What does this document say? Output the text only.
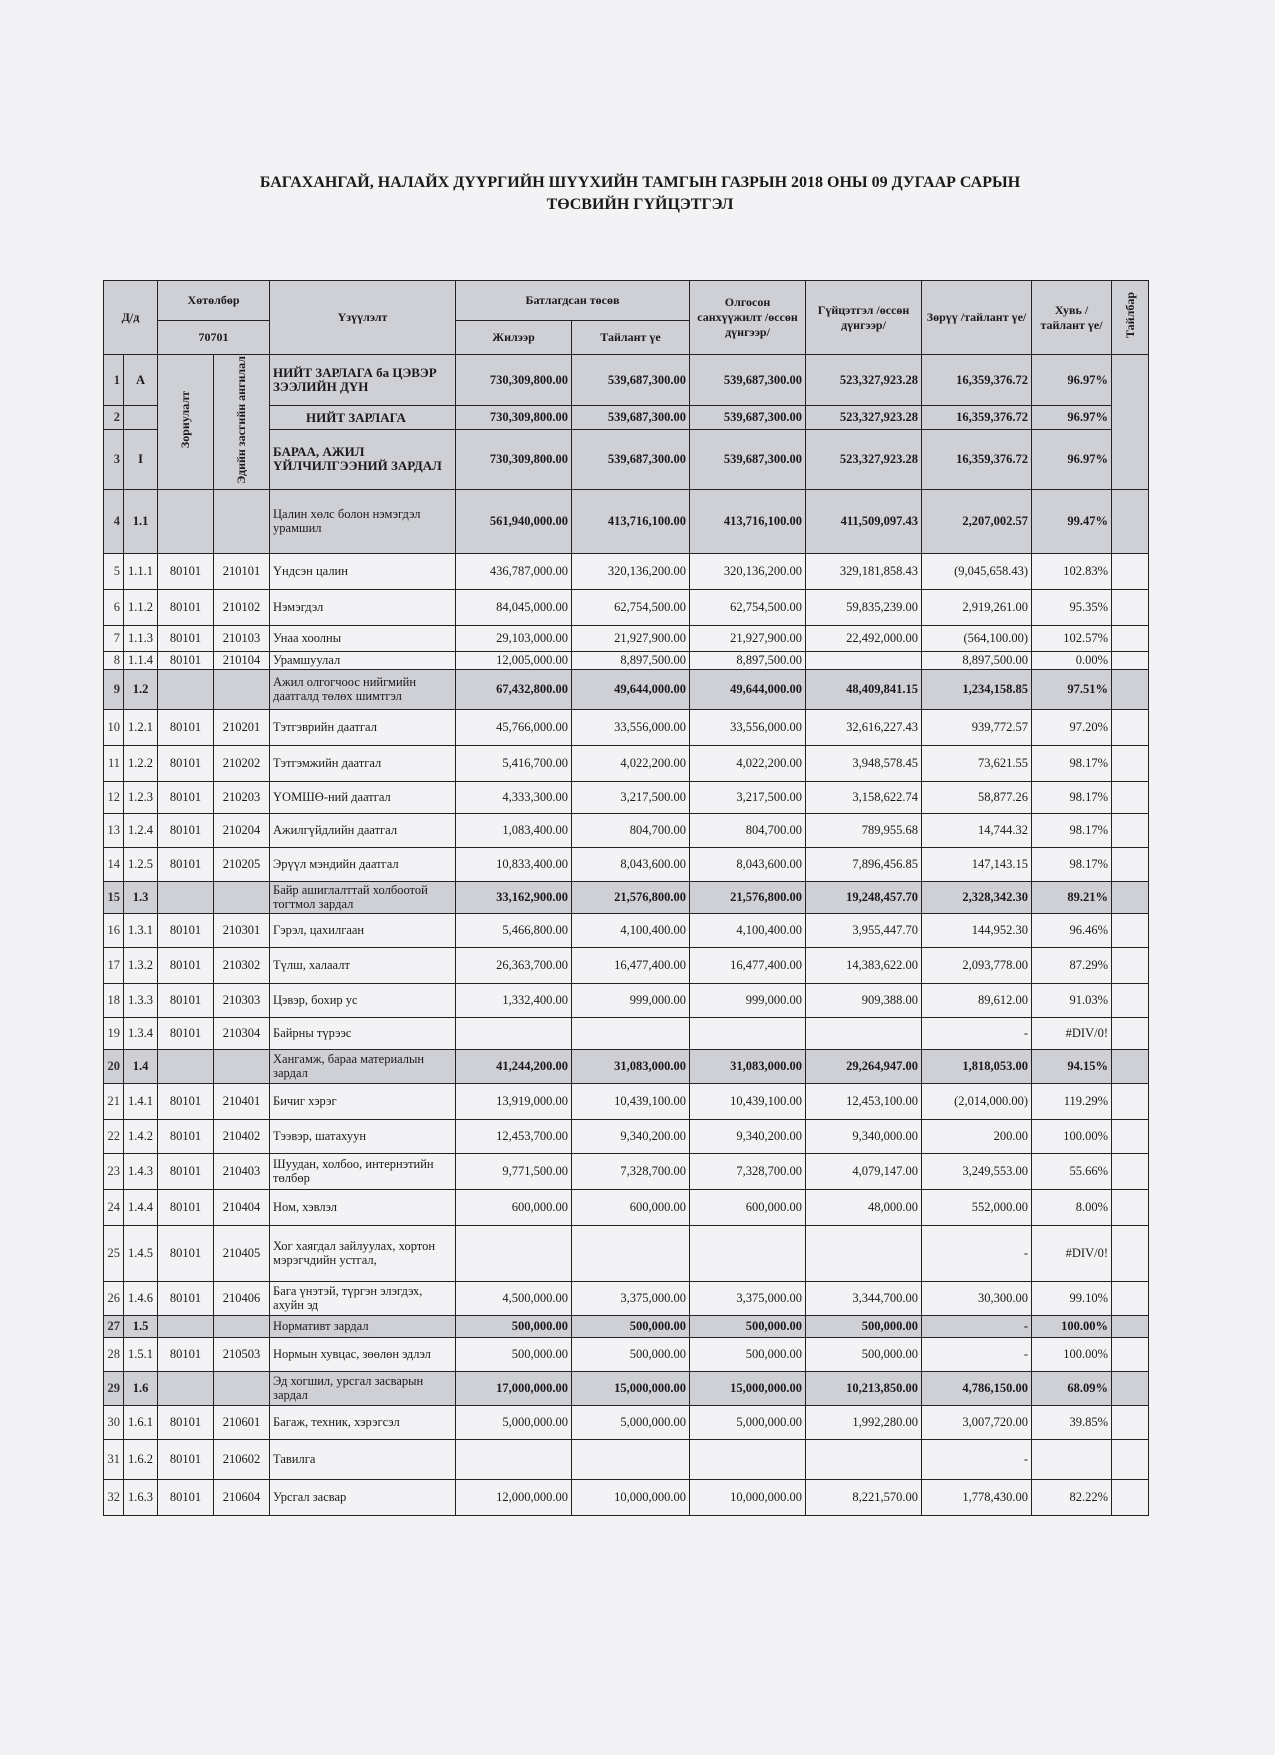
БАГАХАНГАЙ, НАЛАЙХ ДҮҮРГИЙН ШҮҮХИЙН ТАМГЫН ГАЗРЫН 2018 ОНЫ 09 ДУГААР САРЫН
ТӨСВИЙН ГҮЙЦЭТГЭЛ
Д/д		Хөтөлбөр		Үзүүлэлт	Батлагдсан төсөв		Олгосон санхүүжилт /өссөн дүнгээр/	Гүйцэтгэл /өссөн дүнгээр/	Зөрүү /тайлант үе/	Хувь /тайлант үе/	Тайлбар
		70701			Жилээр	Тайлант үе					
1	А	Зориулалт	Эдийн засгийн ангилал	НИЙТ ЗАРЛАГА ба ЦЭВЭР ЗЭЭЛИЙН ДҮН	730,309,800.00	539,687,300.00	539,687,300.00	523,327,923.28	16,359,376.72	96.97%	
2				НИЙТ ЗАРЛАГА	730,309,800.00	539,687,300.00	539,687,300.00	523,327,923.28	16,359,376.72	96.97%	
3	I			БАРАА, АЖИЛ ҮЙЛЧИЛГЭЭНИЙ ЗАРДАЛ	730,309,800.00	539,687,300.00	539,687,300.00	523,327,923.28	16,359,376.72	96.97%	
4	1.1			Цалин хөлс болон нэмэгдэл урамшил	561,940,000.00	413,716,100.00	413,716,100.00	411,509,097.43	2,207,002.57	99.47%	
5	1.1.1	80101	210101	Үндсэн цалин	436,787,000.00	320,136,200.00	320,136,200.00	329,181,858.43	(9,045,658.43)	102.83%	
6	1.1.2	80101	210102	Нэмэгдэл	84,045,000.00	62,754,500.00	62,754,500.00	59,835,239.00	2,919,261.00	95.35%	
7	1.1.3	80101	210103	Унаа хоолны	29,103,000.00	21,927,900.00	21,927,900.00	22,492,000.00	(564,100.00)	102.57%	
8	1.1.4	80101	210104	Урамшуулал	12,005,000.00	8,897,500.00	8,897,500.00		8,897,500.00	0.00%	
9	1.2			Ажил олгогчоос нийгмийн даатгалд төлөх шимтгэл	67,432,800.00	49,644,000.00	49,644,000.00	48,409,841.15	1,234,158.85	97.51%	
10	1.2.1	80101	210201	Тэтгэврийн даатгал	45,766,000.00	33,556,000.00	33,556,000.00	32,616,227.43	939,772.57	97.20%	
11	1.2.2	80101	210202	Тэтгэмжийн даатгал	5,416,700.00	4,022,200.00	4,022,200.00	3,948,578.45	73,621.55	98.17%	
12	1.2.3	80101	210203	ҮОМШӨ-ний даатгал	4,333,300.00	3,217,500.00	3,217,500.00	3,158,622.74	58,877.26	98.17%	
13	1.2.4	80101	210204	Ажилгүйдлийн даатгал	1,083,400.00	804,700.00	804,700.00	789,955.68	14,744.32	98.17%	
14	1.2.5	80101	210205	Эрүүл мэндийн даатгал	10,833,400.00	8,043,600.00	8,043,600.00	7,896,456.85	147,143.15	98.17%	
15	1.3			Байр ашиглалттай холбоотой тогтмол зардал	33,162,900.00	21,576,800.00	21,576,800.00	19,248,457.70	2,328,342.30	89.21%	
16	1.3.1	80101	210301	Гэрэл, цахилгаан	5,466,800.00	4,100,400.00	4,100,400.00	3,955,447.70	144,952.30	96.46%	
17	1.3.2	80101	210302	Түлш, халаалт	26,363,700.00	16,477,400.00	16,477,400.00	14,383,622.00	2,093,778.00	87.29%	
18	1.3.3	80101	210303	Цэвэр, бохир ус	1,332,400.00	999,000.00	999,000.00	909,388.00	89,612.00	91.03%	
19	1.3.4	80101	210304	Байрны түрээс					-	#DIV/0!	
20	1.4			Хангамж, бараа материалын зардал	41,244,200.00	31,083,000.00	31,083,000.00	29,264,947.00	1,818,053.00	94.15%	
21	1.4.1	80101	210401	Бичиг хэрэг	13,919,000.00	10,439,100.00	10,439,100.00	12,453,100.00	(2,014,000.00)	119.29%	
22	1.4.2	80101	210402	Тээвэр, шатахуун	12,453,700.00	9,340,200.00	9,340,200.00	9,340,000.00	200.00	100.00%	
23	1.4.3	80101	210403	Шуудан, холбоо, интернэтийн төлбөр	9,771,500.00	7,328,700.00	7,328,700.00	4,079,147.00	3,249,553.00	55.66%	
24	1.4.4	80101	210404	Ном, хэвлэл	600,000.00	600,000.00	600,000.00	48,000.00	552,000.00	8.00%	
25	1.4.5	80101	210405	Хог хаягдал зайлуулах, хортон мэрэгчдийн устгал,					-	#DIV/0!	
26	1.4.6	80101	210406	Бага үнэтэй, түргэн элэгдэх, ахуйн эд	4,500,000.00	3,375,000.00	3,375,000.00	3,344,700.00	30,300.00	99.10%	
27	1.5			Нормативт зардал	500,000.00	500,000.00	500,000.00	500,000.00	-	100.00%	
28	1.5.1	80101	210503	Нормын хувцас, зөөлөн эдлэл	500,000.00	500,000.00	500,000.00	500,000.00	-	100.00%	
29	1.6			Эд хогшил, урсгал засварын зардал	17,000,000.00	15,000,000.00	15,000,000.00	10,213,850.00	4,786,150.00	68.09%	
30	1.6.1	80101	210601	Багаж, техник, хэрэгсэл	5,000,000.00	5,000,000.00	5,000,000.00	1,992,280.00	3,007,720.00	39.85%	
31	1.6.2	80101	210602	Тавилга					-		
32	1.6.3	80101	210604	Урсгал засвар	12,000,000.00	10,000,000.00	10,000,000.00	8,221,570.00	1,778,430.00	82.22%	
